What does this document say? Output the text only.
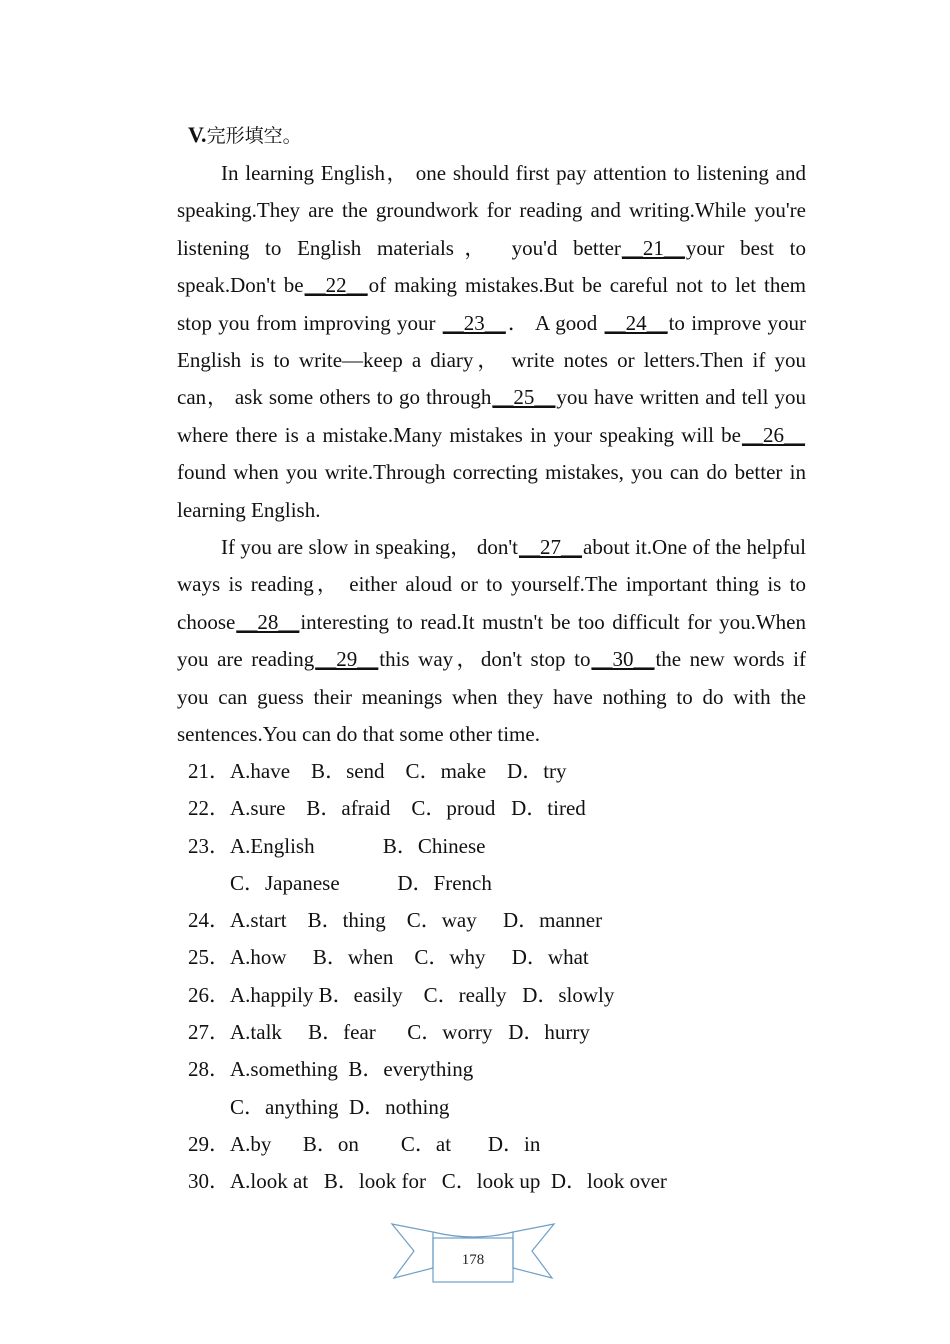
V.完形填空。

In learning English， one should first pay attention to listening and speaking.They are the groundwork for reading and writing.While you're listening to English materials， you'd better__21__your best to speak.Don't be__22__of making mistakes.But be careful not to let them stop you from improving your __23__． A good __24__to improve your English is to write—keep a diary， write notes or letters.Then if you can， ask some others to go through__25__you have written and tell you where there is a mistake.Many mistakes in your speaking will be__26__found when you write.Through correcting mistakes, you can do better in learning English.

If you are slow in speaking， don't__27__about it.One of the helpful ways is reading， either aloud or to yourself.The important thing is to choose__28__interesting to read.It mustn't be too difficult for you.When you are reading__29__this way，don't stop to__30__the new words if you can guess their meanings when they have nothing to do with the sentences.You can do that some other time.

21．A.have    B．send    C．make    D．try
22．A.sure    B．afraid    C．proud   D．tired
23．A.English             B．Chinese
C．Japanese           D．French
24．A.start    B．thing    C．way     D．manner
25．A.how     B．when    C．why     D．what
26．A.happily B．easily    C．really   D．slowly
27．A.talk     B．fear      C．worry   D．hurry
28．A.something  B．everything
C．anything  D．nothing
29．A.by      B．on        C．at       D．in
30．A.look at   B．look for   C．look up  D．look over
178
